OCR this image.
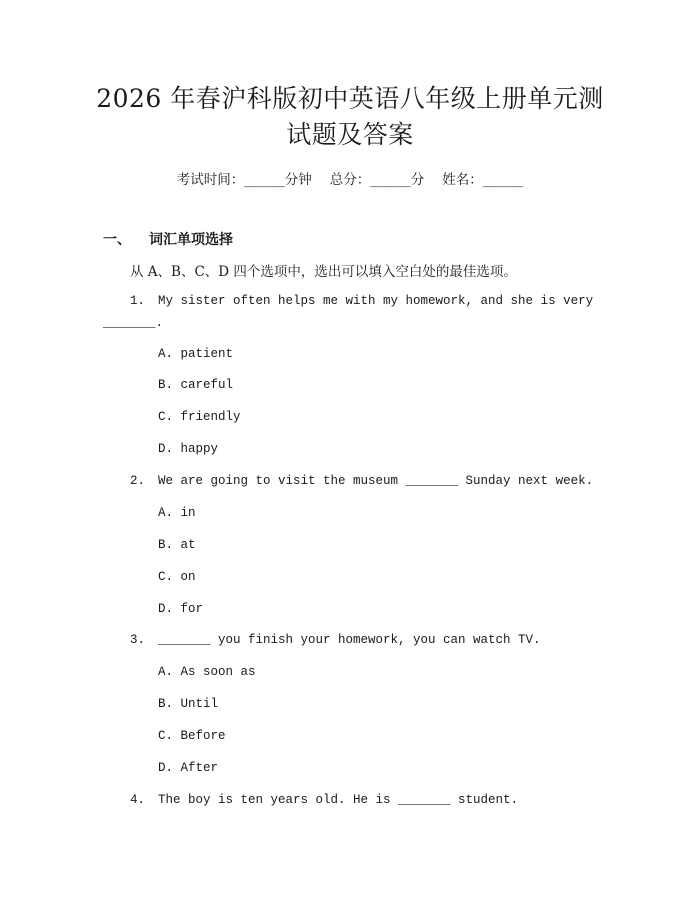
2026 年春沪科版初中英语八年级上册单元测
试题及答案
考试时间：______分钟 总分：______分 姓名：______
一、 词汇单项选择
从 A、B、C、D 四个选项中，选出可以填入空白处的最佳选项。
1. My sister often helps me with my homework, and she is very
_______.
A. patient
B. careful
C. friendly
D. happy
2. We are going to visit the museum _______ Sunday next week.
A. in
B. at
C. on
D. for
3. _______ you finish your homework, you can watch TV.
A. As soon as
B. Until
C. Before
D. After
4. The boy is ten years old. He is _______ student.
